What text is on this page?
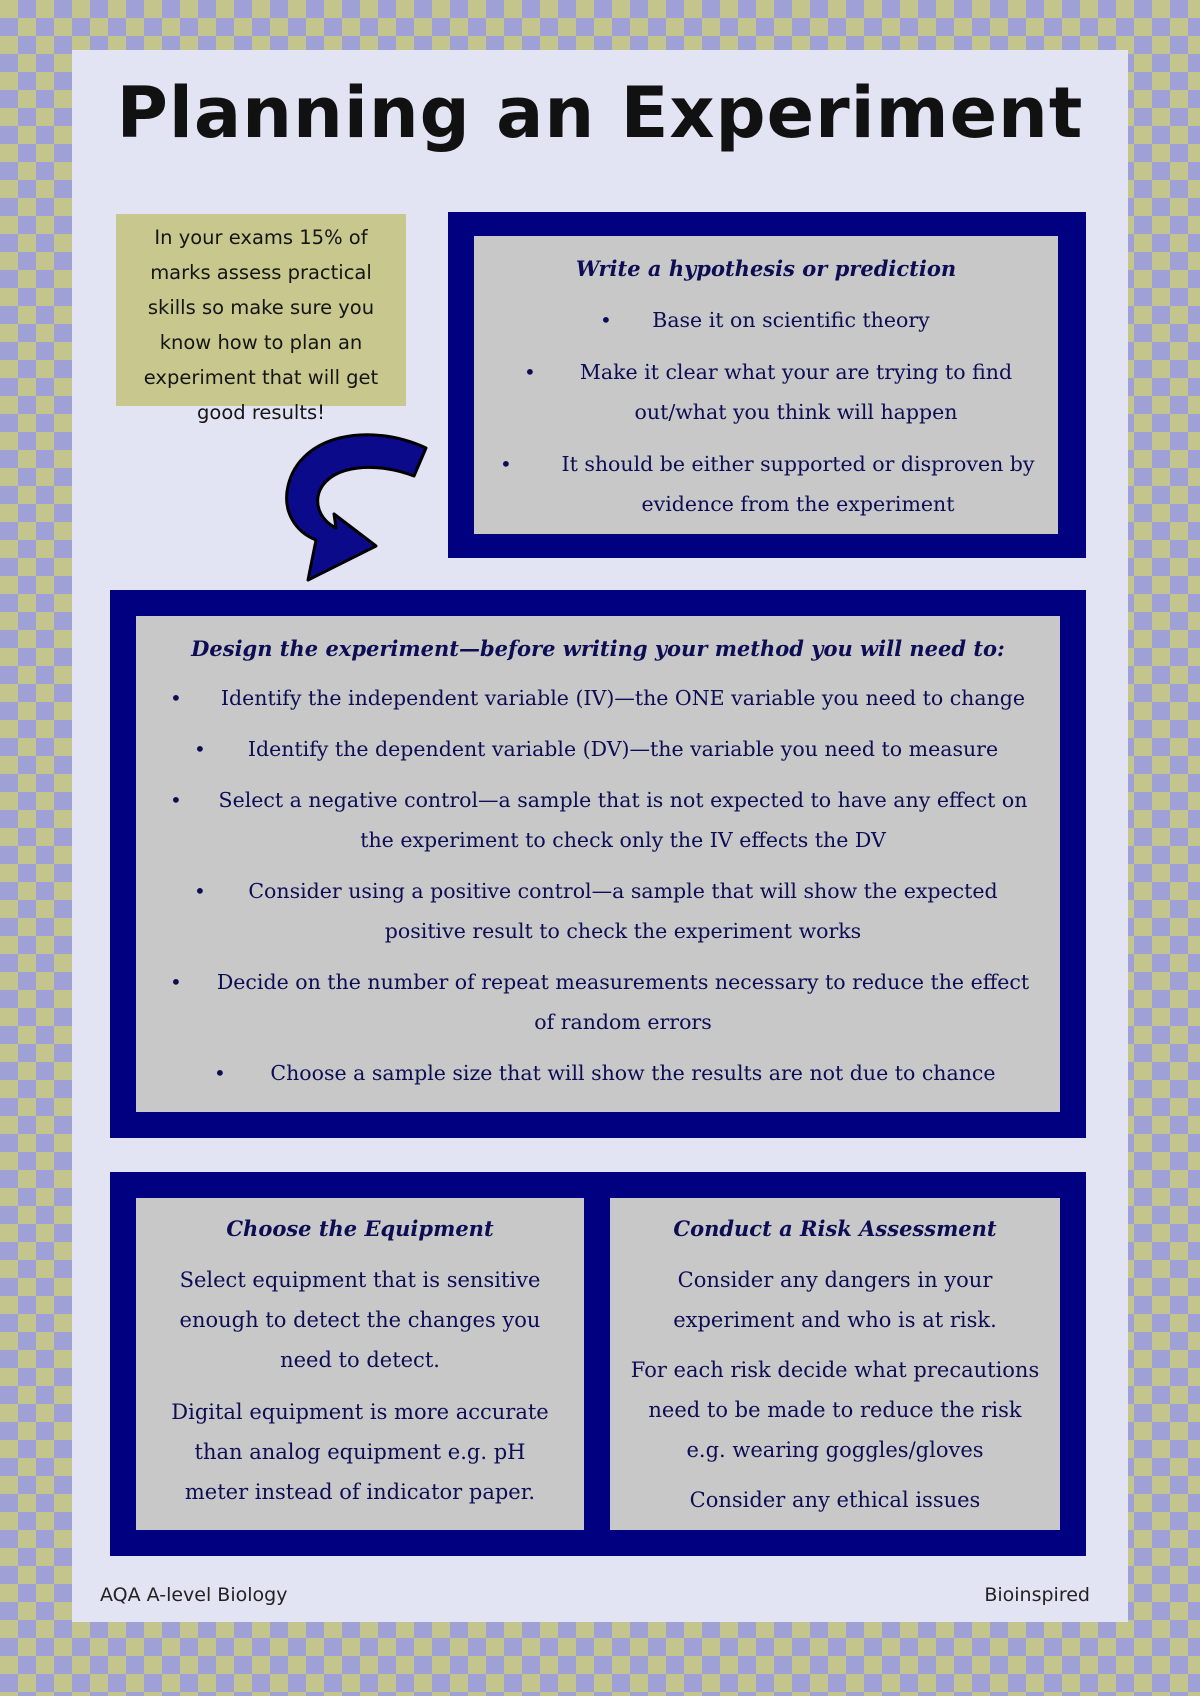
Planning an Experiment
In your exams 15% of marks assess practical skills so make sure you know how to plan an experiment that will get good results!

Write a hypothesis or prediction

• Base it on scientific theory
• Make it clear what your are trying to find out/what you think will happen
• It should be either supported or disproven by evidence from the experiment

Design the experiment—before writing your method you will need to:

• Identify the independent variable (IV)—the ONE variable you need to change
• Identify the dependent variable (DV)—the variable you need to measure
• Select a negative control—a sample that is not expected to have any effect on the experiment to check only the IV effects the DV
• Consider using a positive control—a sample that will show the expected positive result to check the experiment works
• Decide on the number of repeat measurements necessary to reduce the effect of random errors
• Choose a sample size that will show the results are not due to chance

Choose the Equipment

Select equipment that is sensitive enough to detect the changes you need to detect.

Digital equipment is more accurate than analog equipment e.g. pH meter instead of indicator paper.

Conduct a Risk Assessment

Consider any dangers in your experiment and who is at risk.

For each risk decide what precautions need to be made to reduce the risk e.g. wearing goggles/gloves

Consider any ethical issues

AQA A-level Biology	Bioinspired
